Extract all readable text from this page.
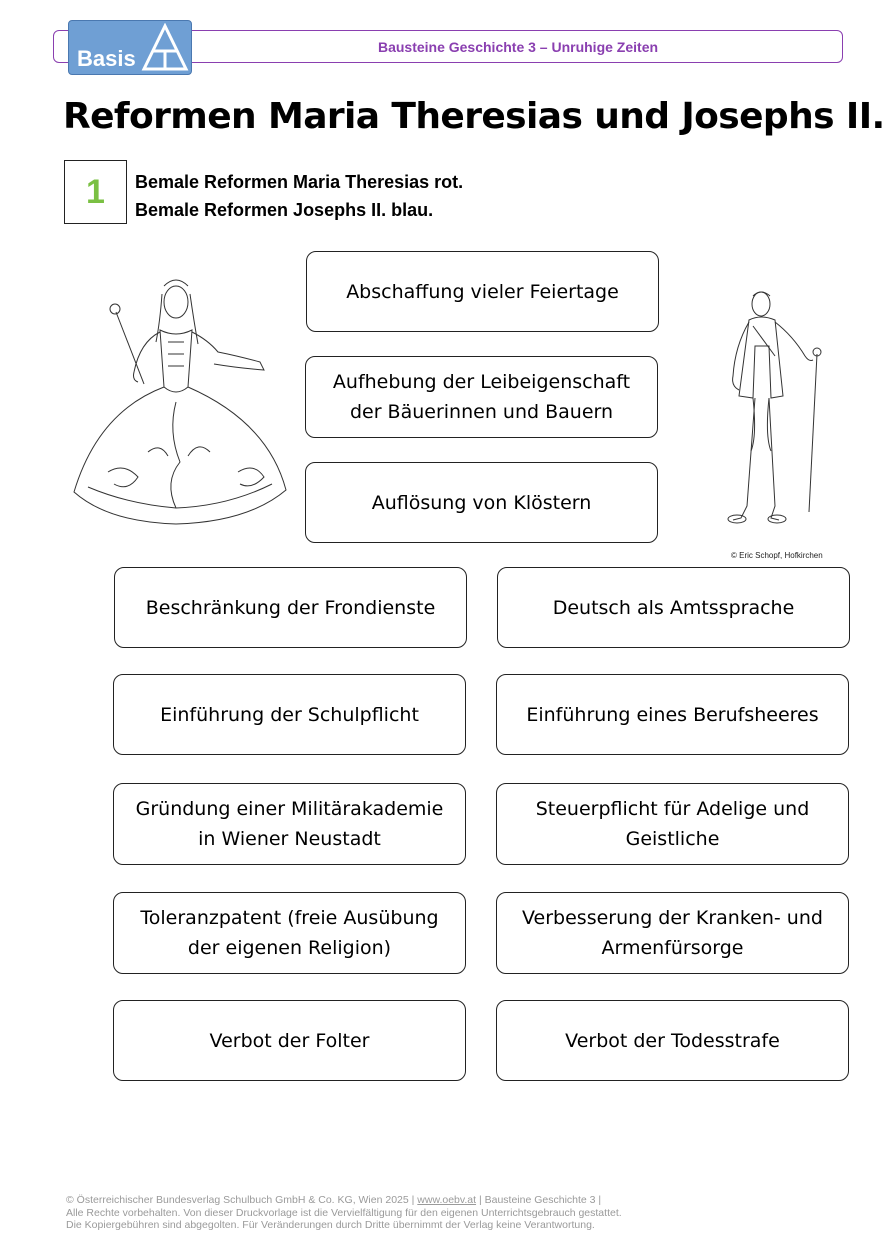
Bausteine Geschichte 3 – Unruhige Zeiten
Basis
Reformen Maria Theresias und Josephs II.
1	Bemale Reformen Maria Theresias rot.
Bemale Reformen Josephs II. blau.
© Eric Schopf, Hofkirchen
Abschaffung vieler Feiertage
Aufhebung der Leibeigenschaft der Bäuerinnen und Bauern
Auflösung von Klöstern
Beschränkung der Frondienste	Deutsch als Amtssprache
Einführung der Schulpflicht	Einführung eines Berufsheeres
Gründung einer Militärakademie in Wiener Neustadt
Steuerpflicht für Adelige und Geistliche
Toleranzpatent (freie Ausübung der eigenen Religion)
Verbesserung der Kranken- und Armenfürsorge
Verbot der Folter	Verbot der Todesstrafe
© Österreichischer Bundesverlag Schulbuch GmbH & Co. KG, Wien 2025 | www.oebv.at | Bausteine Geschichte 3 |
Alle Rechte vorbehalten. Von dieser Druckvorlage ist die Vervielfältigung für den eigenen Unterrichtsgebrauch gestattet.
Die Kopiergebühren sind abgegolten. Für Veränderungen durch Dritte übernimmt der Verlag keine Verantwortung.
